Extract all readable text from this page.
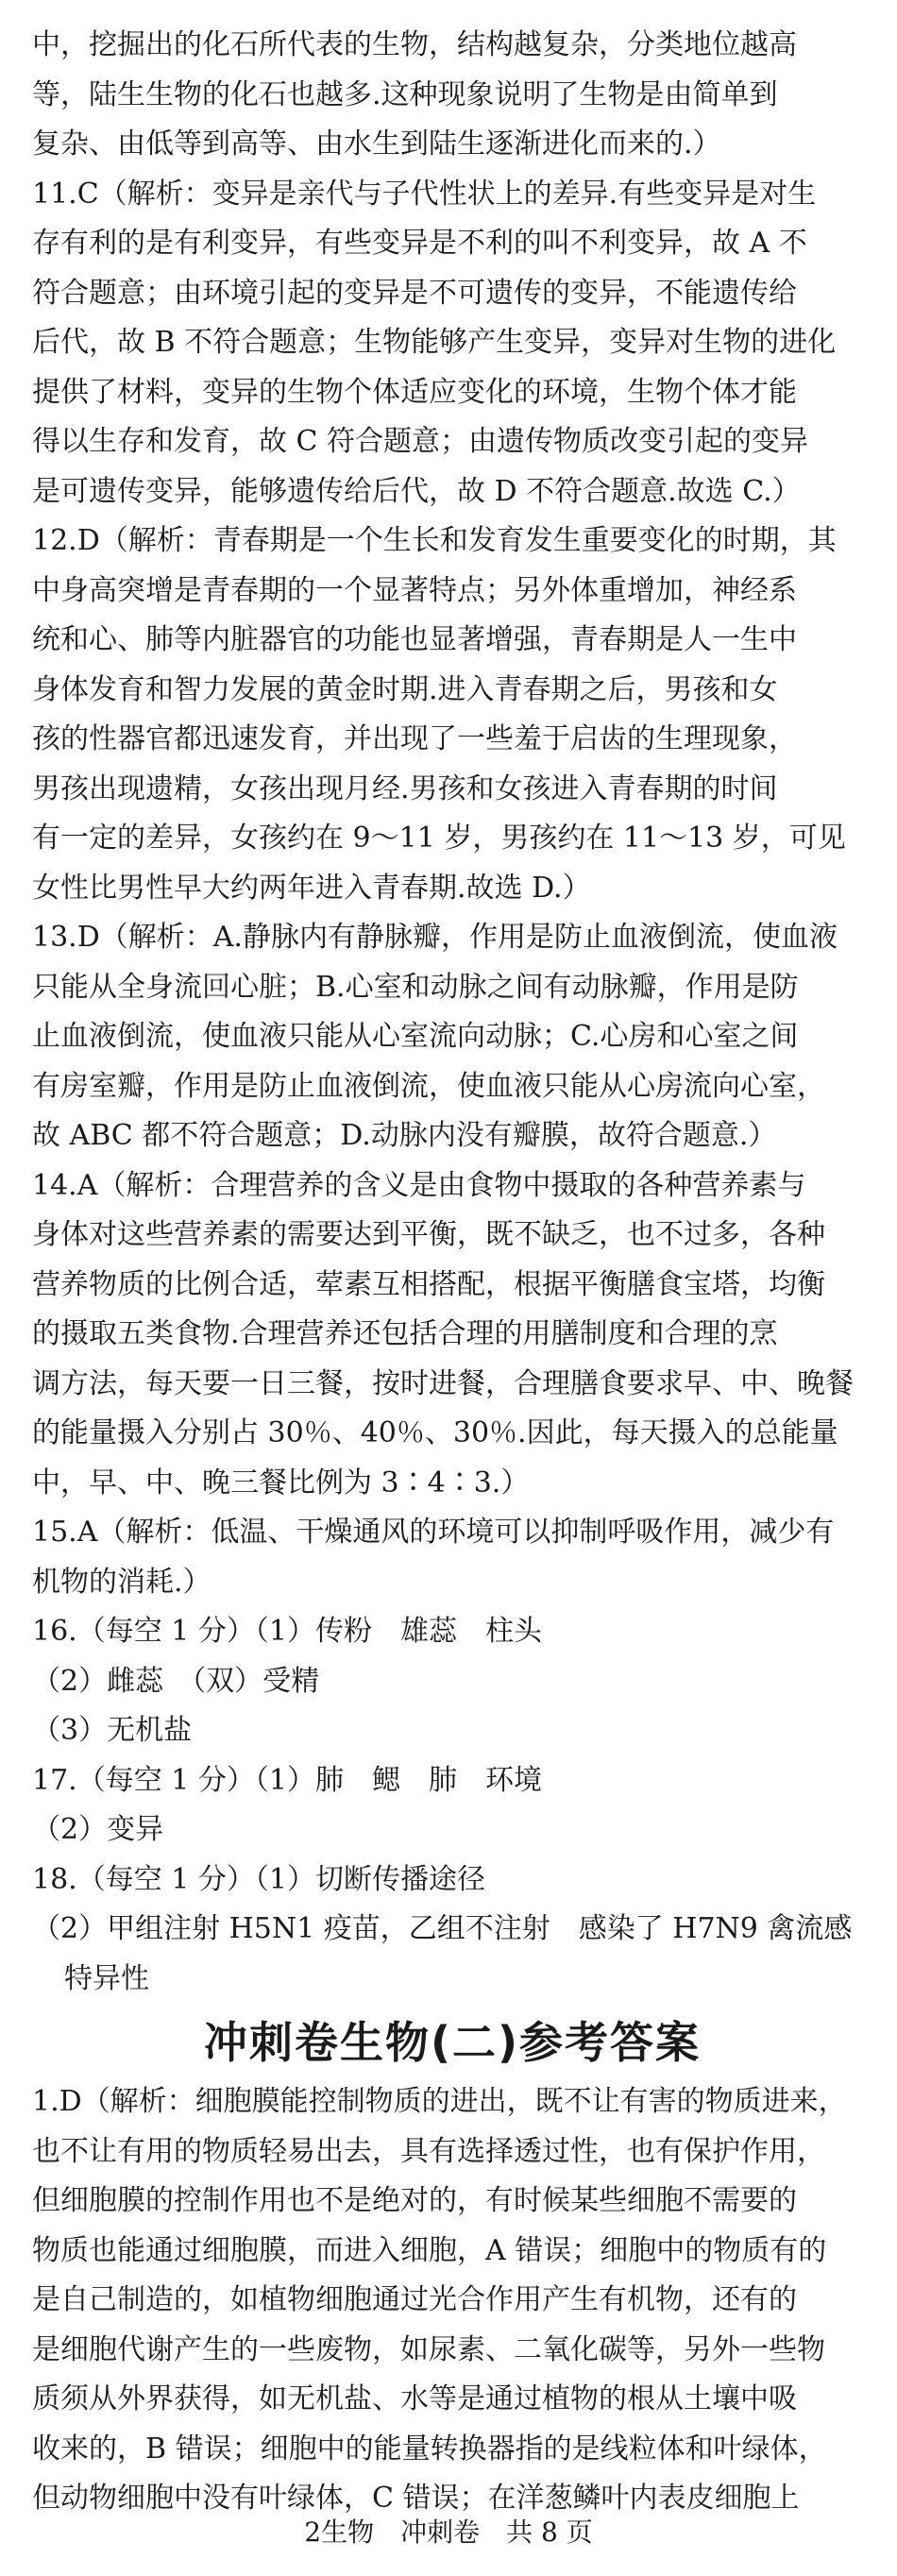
中，挖掘出的化石所代表的生物，结构越复杂，分类地位越高
等，陆生生物的化石也越多.这种现象说明了生物是由简单到
复杂、由低等到高等、由水生到陆生逐渐进化而来的.）
11.C（解析：变异是亲代与子代性状上的差异.有些变异是对生
存有利的是有利变异，有些变异是不利的叫不利变异，故 A 不
符合题意；由环境引起的变异是不可遗传的变异，不能遗传给
后代，故 B 不符合题意；生物能够产生变异，变异对生物的进化
提供了材料，变异的生物个体适应变化的环境，生物个体才能
得以生存和发育，故 C 符合题意；由遗传物质改变引起的变异
是可遗传变异，能够遗传给后代，故 D 不符合题意.故选 C.）
12.D（解析：青春期是一个生长和发育发生重要变化的时期，其
中身高突增是青春期的一个显著特点；另外体重增加，神经系
统和心、肺等内脏器官的功能也显著增强，青春期是人一生中
身体发育和智力发展的黄金时期.进入青春期之后，男孩和女
孩的性器官都迅速发育，并出现了一些羞于启齿的生理现象，
男孩出现遗精，女孩出现月经.男孩和女孩进入青春期的时间
有一定的差异，女孩约在 9～11 岁，男孩约在 11～13 岁，可见
女性比男性早大约两年进入青春期.故选 D.）
13.D（解析：A.静脉内有静脉瓣，作用是防止血液倒流，使血液
只能从全身流回心脏；B.心室和动脉之间有动脉瓣，作用是防
止血液倒流，使血液只能从心室流向动脉；C.心房和心室之间
有房室瓣，作用是防止血液倒流，使血液只能从心房流向心室，
故 ABC 都不符合题意；D.动脉内没有瓣膜，故符合题意.）
14.A（解析：合理营养的含义是由食物中摄取的各种营养素与
身体对这些营养素的需要达到平衡，既不缺乏，也不过多，各种
营养物质的比例合适，荤素互相搭配，根据平衡膳食宝塔，均衡
的摄取五类食物.合理营养还包括合理的用膳制度和合理的烹
调方法，每天要一日三餐，按时进餐，合理膳食要求早、中、晚餐
的能量摄入分别占 30％、40％、30％.因此，每天摄入的总能量
中，早、中、晚三餐比例为 3∶4∶3.）
15.A（解析：低温、干燥通风的环境可以抑制呼吸作用，减少有
机物的消耗.）
16.（每空 1 分）（1）传粉　雄蕊　柱头
（2）雌蕊　（双）受精
（3）无机盐
17.（每空 1 分）（1）肺　鳃　肺　环境
（2）变异
18.（每空 1 分）（1）切断传播途径
（2）甲组注射 H5N1 疫苗，乙组不注射　感染了 H7N9 禽流感
特异性
冲刺卷生物(二)参考答案
1.D（解析：细胞膜能控制物质的进出，既不让有害的物质进来，
也不让有用的物质轻易出去，具有选择透过性，也有保护作用，
但细胞膜的控制作用也不是绝对的，有时候某些细胞不需要的
物质也能通过细胞膜，而进入细胞，A 错误；细胞中的物质有的
是自己制造的，如植物细胞通过光合作用产生有机物，还有的
是细胞代谢产生的一些废物，如尿素、二氧化碳等，另外一些物
质须从外界获得，如无机盐、水等是通过植物的根从土壤中吸
收来的，B 错误；细胞中的能量转换器指的是线粒体和叶绿体，
但动物细胞中没有叶绿体，C 错误；在洋葱鳞叶内表皮细胞上
2生物　冲刺卷　共 8 页
